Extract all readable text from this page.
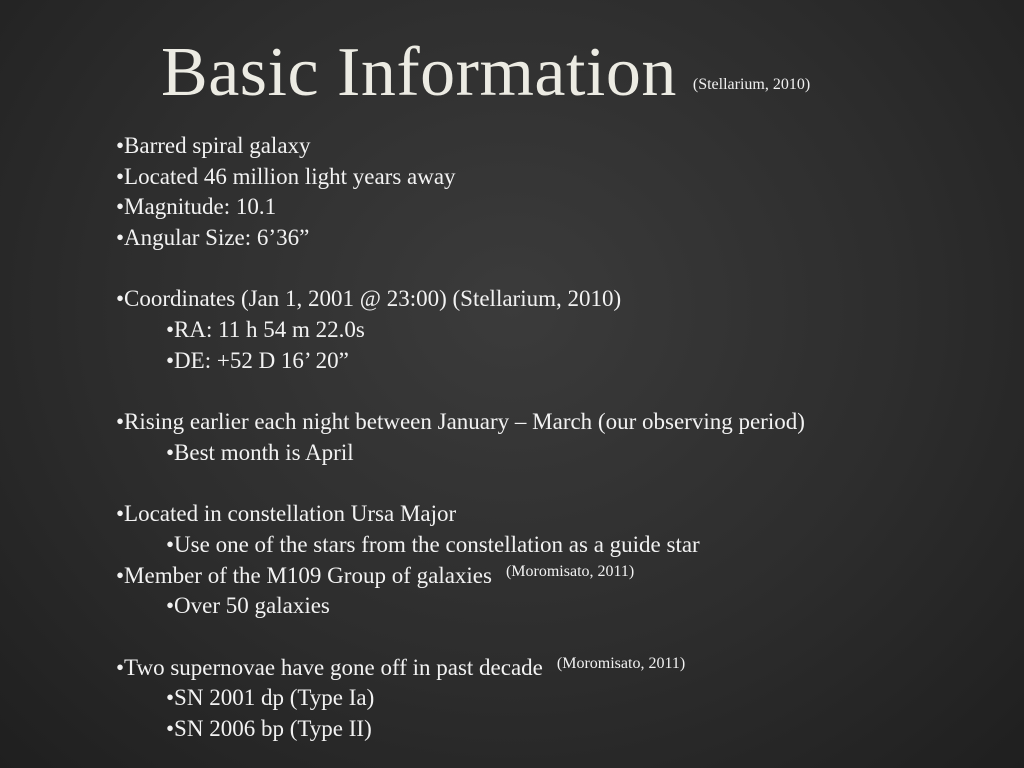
Basic Information (Stellarium, 2010)
•Barred spiral galaxy
•Located 46 million light years away
•Magnitude: 10.1
•Angular Size: 6’36”
•Coordinates (Jan 1, 2001 @ 23:00) (Stellarium, 2010)
•RA: 11 h 54 m 22.0s
•DE: +52 D 16’ 20”
•Rising earlier each night between January – March (our observing period)
•Best month is April
•Located in constellation Ursa Major
•Use one of the stars from the constellation as a guide star
•Member of the M109 Group of galaxies $^{(Moromisato, 2011)}$
•Over 50 galaxies
•Two supernovae have gone off in past decade $^{(Moromisato, 2011)}$
•SN 2001 dp (Type Ia)
•SN 2006 bp (Type II)
